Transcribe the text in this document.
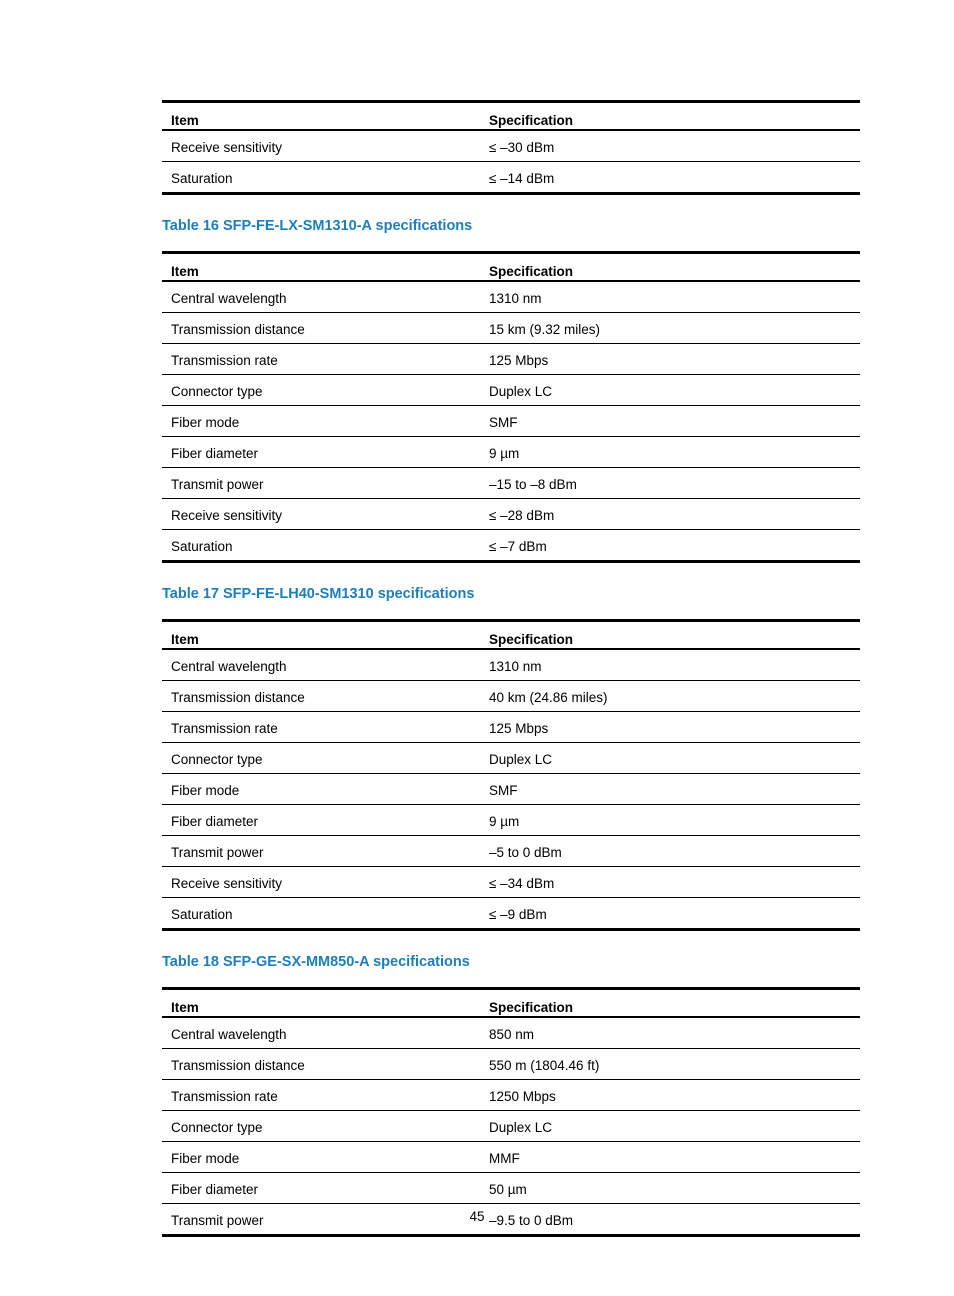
Item	Specification
Receive sensitivity	≤ –30 dBm
Saturation	≤ –14 dBm
Table 16 SFP-FE-LX-SM1310-A specifications
Item	Specification
Central wavelength	1310 nm
Transmission distance	15 km (9.32 miles)
Transmission rate	125 Mbps
Connector type	Duplex LC
Fiber mode	SMF
Fiber diameter	9 µm
Transmit power	–15 to –8 dBm
Receive sensitivity	≤ –28 dBm
Saturation	≤ –7 dBm
Table 17 SFP-FE-LH40-SM1310 specifications
Item	Specification
Central wavelength	1310 nm
Transmission distance	40 km (24.86 miles)
Transmission rate	125 Mbps
Connector type	Duplex LC
Fiber mode	SMF
Fiber diameter	9 µm
Transmit power	–5 to 0 dBm
Receive sensitivity	≤ –34 dBm
Saturation	≤ –9 dBm
Table 18 SFP-GE-SX-MM850-A specifications
Item	Specification
Central wavelength	850 nm
Transmission distance	550 m (1804.46 ft)
Transmission rate	1250 Mbps
Connector type	Duplex LC
Fiber mode	MMF
Fiber diameter	50 µm
Transmit power	–9.5 to 0 dBm
45
